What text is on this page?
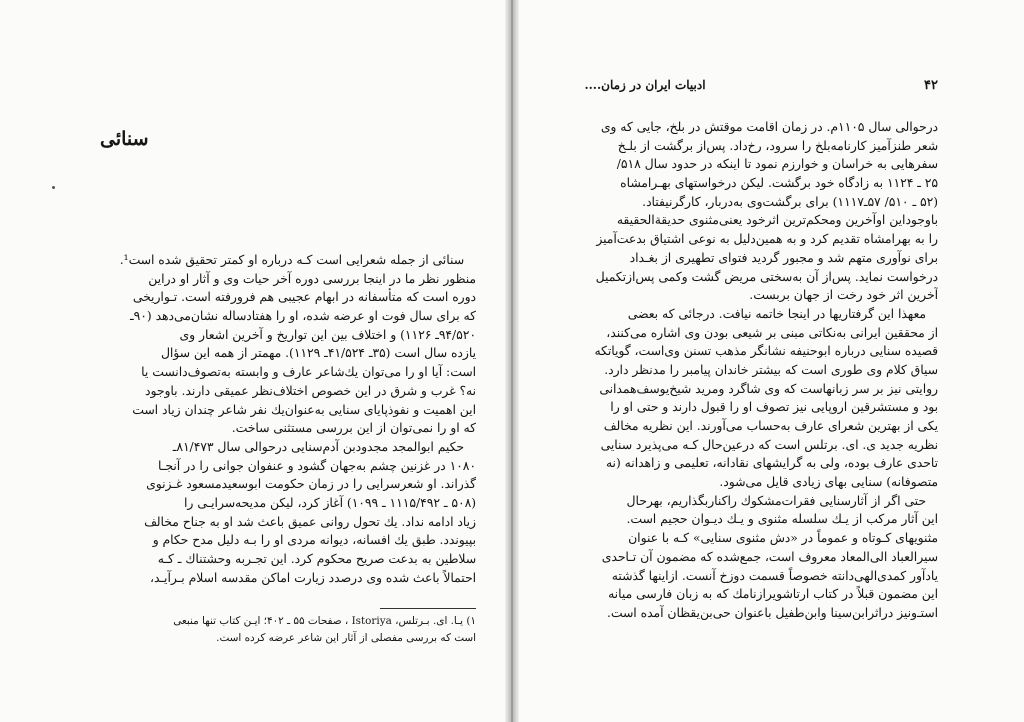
سنائی
سنائی از جمله شعرایی است کـه درباره او کمتر تحقیق شده است¹.
منظور نظر ما در اینجا بررسی دوره آخر حیات وی و آثار او دراین
دوره است که متأسفانه در ابهام عجیبی هم فرورفته است. تـواریخی
که برای سال فوت او عرضه شده، او را هفتادساله نشان‌می‌دهد (۹۰ـ
۹۴/۵۲۰ـ ۱۱۲۶) و اختلاف بین این تواریخ و آخرین اشعار وی
یازده سال است (۳۵ـ ۴۱/۵۲۴ـ ۱۱۲۹). مهمتر از همه این سؤال
است: آیا او را می‌توان یك‌شاعر عارف و وابسته به‌تصوف‌دانست یا
نه؟ غرب و شرق در این خصوص اختلاف‌نظر عمیقی دارند. باوجود
این اهمیت و نفوذپایای سنایی به‌عنوان‌یك نفر شاعر چندان زیاد است
که او را نمی‌توان از این بررسی مستثنی ساخت.
حکیم ابوالمجد مجدودبن آدم‌سنایی درحوالی سال ۸۱/۴۷۳ـ
۱۰۸۰ در غزنین چشم به‌جهان گشود و عنفوان جوانی را در آنجـا
گذراند. او شعرسرایی را در زمان حکومت ابوسعیدمسعود غـزنوی
(۵۰۸ ـ ۱۱۱۵/۴۹۲ ـ ۱۰۹۹) آغاز کرد، لیکن مدیحه‌سرایـی را
زیاد ادامه نداد. یك تحول روانی عمیق باعث شد او به جناح مخالف
بپیوندد. طبق یك افسانه، دیوانه مردی او را بـه دلیل مدح حکام و
سلاطین به بدعت صریح محکوم کرد. این تجـربه وحشتناك ـ کـه
احتمالاً باعث شده وی درصدد زیارت اماکن مقدسه اسلام بـرآیـد،
۱) یـا. ای. بـرتلس، Istoriya ، صفحات ۵۵ ـ ۴۰۲؛ ایـن کتاب تنها منبعی
است که بررسی مفصلی از آثار این شاعر عرضه کرده است.
۴۲
ادبیات ایران در زمان....
درحوالی سال ۱۱۰۵م. در زمان اقامت موقتش در بلخ، جایی که وی
شعر طنزآمیز کارنامه‌بلخ را سرود، رخ‌داد. پس‌از برگشت از بلـخ
سفرهایی به خراسان و خوارزم نمود تا اینکه در حدود سال ۵۱۸/
۲۵ ـ ۱۱۲۴ به زادگاه خود برگشت. لیکن درخواستهای بهـرامشاه
(۵۲ ـ ۵۱۰/ ۵۷ـ۱۱۱۷) برای برگشت‌وی به‌دربار، کارگرنیفتاد.
باوجوداین اوآخرین ومحکم‌ترین اثرخود یعنی‌مثنوی حدیقةالحقیقه
را به بهرامشاه تقدیم کرد و به همین‌دلیل به نوعی اشتیاق بدعت‌آمیز
برای نوآوری متهم شد و مجبور گردید فتوای تطهیری از بغـداد
درخواست نماید. پس‌از آن به‌سختی مریض گشت وکمی پس‌ازتکمیل
آخرین اثر خود رخت از جهان بربست.
معهذا این گرفتاریها در اینجا خاتمه نیافت. درجائی که بعضی
از محققین ایرانی به‌نکاتی مبنی بر شیعی بودن وی اشاره می‌کنند،
قصیده‌ سنایی درباره ابوحنیفه نشانگر مذهب تسنن وی‌است، گویاتکه
سیاق کلام وی طوری است که بیشتر خاندان پیامبر را مدنظر دارد.
روایتی نیز بر سر زبانهاست که وی شاگرد ومرید شیخ‌یوسف‌همدانی
بود و مستشرقین اروپایی نیز تصوف او را قبول دارند و حتی او را
یکی از بهترین شعرای عارف به‌حساب می‌آورند. این نظریه مخالف
نظریه جدید ی. ای. برتلس است که درعین‌حال کـه می‌پذیرد سنایی
تاحدی عارف بوده، ولی به گرایشهای نقادانه، تعلیمی و زاهدانه (نه
متصوفانه) سنایی بهای زیادی قایل می‌شود.
حتی اگر از آثارسنایی فقرات‌مشکوك راکنار‌بگذاریم، بهرحال
این آثار مرکب از یـك سلسله مثنوی و یـك دیـوان حجیم است.
مثنویهای کـوتاه و عموماً در «دش مثنوی سنایی» کـه با عنوان
سیرالعباد الی‌المعاد معروف است، جمع‌شده که مضمون آن تـاحدی
یادآور کمدی‌الهی‌دانته خصوصاً قسمت دوزخ آنست. ازاینها گذشته
این مضمون قبلاً در کتاب ارتاشویرازنامك که به زبان فارسی میانه
استـ‌ونیز دراثرابن‌سینا وابن‌طفیل باعنوان حی‌بن‌یقظان آمده است.
